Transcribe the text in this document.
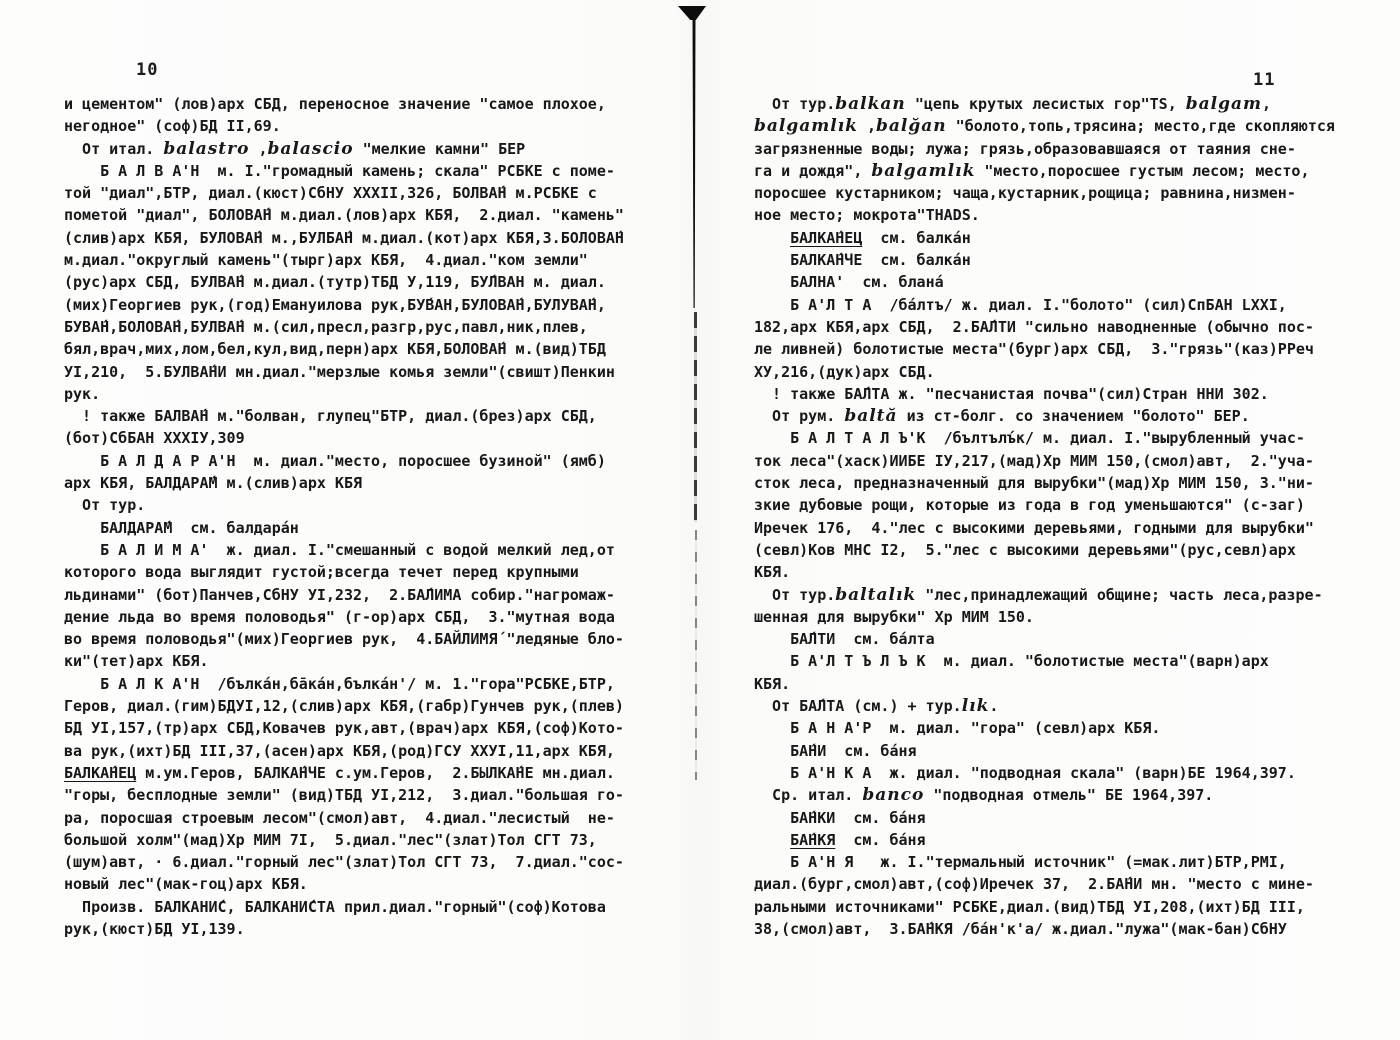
10	11
и цементом" (лов)арх СБД, переносное значение "самое плохое,
негодное" (соф)БД II,69.
От итал. balastro ,balascio "мелкие камни" БЕР
Б А Л В А'Н  м. I."громадный камень; скала" РСБКЕ с поме-
той "диал",БТР, диал.(кюст)СбНУ XXXII,326, БОЛВА́Н м.РСБКЕ с
пометой "диал", БОЛОВА́Н м.диал.(лов)арх КБЯ,  2.диал. "камень"
(слив)арх КБЯ, БУЛОВА́Н м.,БУЛБА́Н м.диал.(кот)арх КБЯ,3.БОЛОВА́Н
м.диал."округлый камень"(тырг)арх КБЯ,  4.диал."ком земли"
(рус)арх СБД, БУЛВА́Н м.диал.(тутр)ТБД У,119, БУ́ЛВАН м. диал.
(мих)Георгиев рук,(год)Емануилова рук,БУ́ВАН,БУЛОВА́Н,БУЛУВА́Н,
БУВА́Н,БОЛОВА́Н,БУЛВА́Н м.(сил,пресл,разгр,рус,павл,ник,плев,
бял,врач,мих,лом,бел,кул,вид,перн)арх КБЯ,БОЛОВА́Н м.(вид)ТБД
УI,210,  5.БУЛВА́НИ мн.диал."мерзлые комья земли"(свишт)Пенкин
рук.
! также БАЛВА́Н м."болван, глупец"БТР, диал.(брез)арх СБД,
(бот)СбБАН XXXIУ,309
Б А Л Д А Р А'Н  м. диал."место, поросшее бузиной" (ямб)
арх КБЯ, БАЛДАРА́М м.(слив)арх КБЯ
От тур.
БАЛДАРА́М  см. балдара́н
Б А Л И М А'  ж. диал. I."смешанный с водой мелкий лед,от
которого вода выглядит густой;всегда течет перед крупными
льдинами" (бот)Панчев,СбНУ УI,232,  2.БА́ЛИМА собир."нагромаж-
дение льда во время половодья" (г-ор)арх СБД,  3."мутная вода
во время половодья"(мих)Георгиев рук,  4.БАЙЛИМЯ́ "ледяные бло-
ки"(тет)арх КБЯ.
Б А Л К А'Н  /бълка́н,ба̄ка́н,бълка́н'/ м. 1."гора"РСБКЕ,БТР,
Геров, диал.(гим)БДУI,12,(слив)арх КБЯ,(габр)Гунчев рук,(плев)
БД УI,157,(тр)арх СБД,Ковачев рук,авт,(врач)арх КБЯ,(соф)Кото-
ва рук,(ихт)БД III,37,(асен)арх КБЯ,(род)ГСУ ХХУI,11,арх КБЯ,
БАЛКА́НЕЦ м.ум.Геров, БАЛКА́НЧЕ с.ум.Геров,  2.БЫЛКА́НЕ мн.диал.
"горы, бесплодные земли" (вид)ТБД УI,212,  3.диал."большая го-
ра, поросшая строевым лесом"(смол)авт,  4.диал."лесистый  не-
большой холм"(мад)Хр МИМ 7I,  5.диал."лес"(злат)Тол СГТ 73,
(шум)авт, · 6.диал."горный лес"(злат)Тол СГТ 73,  7.диал."сос-
новый лес"(мак-гоц)арх КБЯ.
Произв. БАЛКАНИ́С, БАЛКАНИ́СТА прил.диал."горный"(соф)Котова
рук,(кюст)БД УI,139.
От тур.balkan "цепь крутых лесистых гор"TS, balgam,
balgamlık ,balğan "болото,топь,трясина; место,где скопляются
загрязненные воды; лужа; грязь,образовавшаяся от таяния сне-
га и дождя", balgamlık "место,поросшее густым лесом; место,
поросшее кустарником; чаща,кустарник,рощица; равнина,низмен-
ное место; мокрота"THADS.
БАЛКА́НЕЦ  см. балка́н
БАЛКА́НЧЕ  см. балка́н
БАЛНА'  см. блана́
Б А'Л Т А  /ба́лтъ/ ж. диал. I."болото" (сил)СпБАН LXXI,
182,арх КБЯ,арх СБД,  2.БА́ЛТИ "сильно наводненные (обычно пос-
ле ливней) болотистые места"(бург)арх СБД,  3."грязь"(каз)РРеч
ХУ,216,(дук)арх СБД.
! также БА́ЛТА ж. "песчанистая почва"(сил)Стран ННИ 302.
От рум. baltă из ст-болг. со значением "болото" БЕР.
Б А Л Т А Л Ъ'К  /бълтълъ́к/ м. диал. I."вырубленный учас-
ток леса"(хаск)ИИБЕ IУ,217,(мад)Хр МИМ 150,(смол)авт,  2."уча-
сток леса, предназначенный для вырубки"(мад)Хр МИМ 150, 3."ни-
зкие дубовые рощи, которые из года в год уменьшаются" (с-заг)
Иречек 176,  4."лес с высокими деревьями, годными для вырубки"
(севл)Ков МНС I2,  5."лес с высокими деревьями"(рус,севл)арх
КБЯ.
От тур.baltalık "лес,принадлежащий общине; часть леса,разре-
шенная для вырубки" Хр МИМ 150.
БА́ЛТИ  см. ба́лта
Б А'Л Т Ъ Л Ъ К  м. диал. "болотистые места"(варн)арх
КБЯ.
От БА́ЛТА (см.) + тур.lık.
Б А Н А'Р  м. диал. "гора" (севл)арх КБЯ.
БА́НИ  см. ба́ня
Б А'Н К А  ж. диал. "подводная скала" (варн)БЕ 1964,397.
Ср. итал. banco "подводная отмель" БЕ 1964,397.
БА́НКИ  см. ба́ня
БА́НКЯ  см. ба́ня
Б А'Н Я   ж. I."термальный источник" (=мак.лит)БТР,РМI,
диал.(бург,смол)авт,(соф)Иречек 37,  2.БА́НИ мн. "место с мине-
ральными источниками" РСБКЕ,диал.(вид)ТБД УI,208,(ихт)БД III,
38,(смол)авт,  3.БА́НКЯ /ба́н'к'а/ ж.диал."лужа"(мак-бан)СбНУ
